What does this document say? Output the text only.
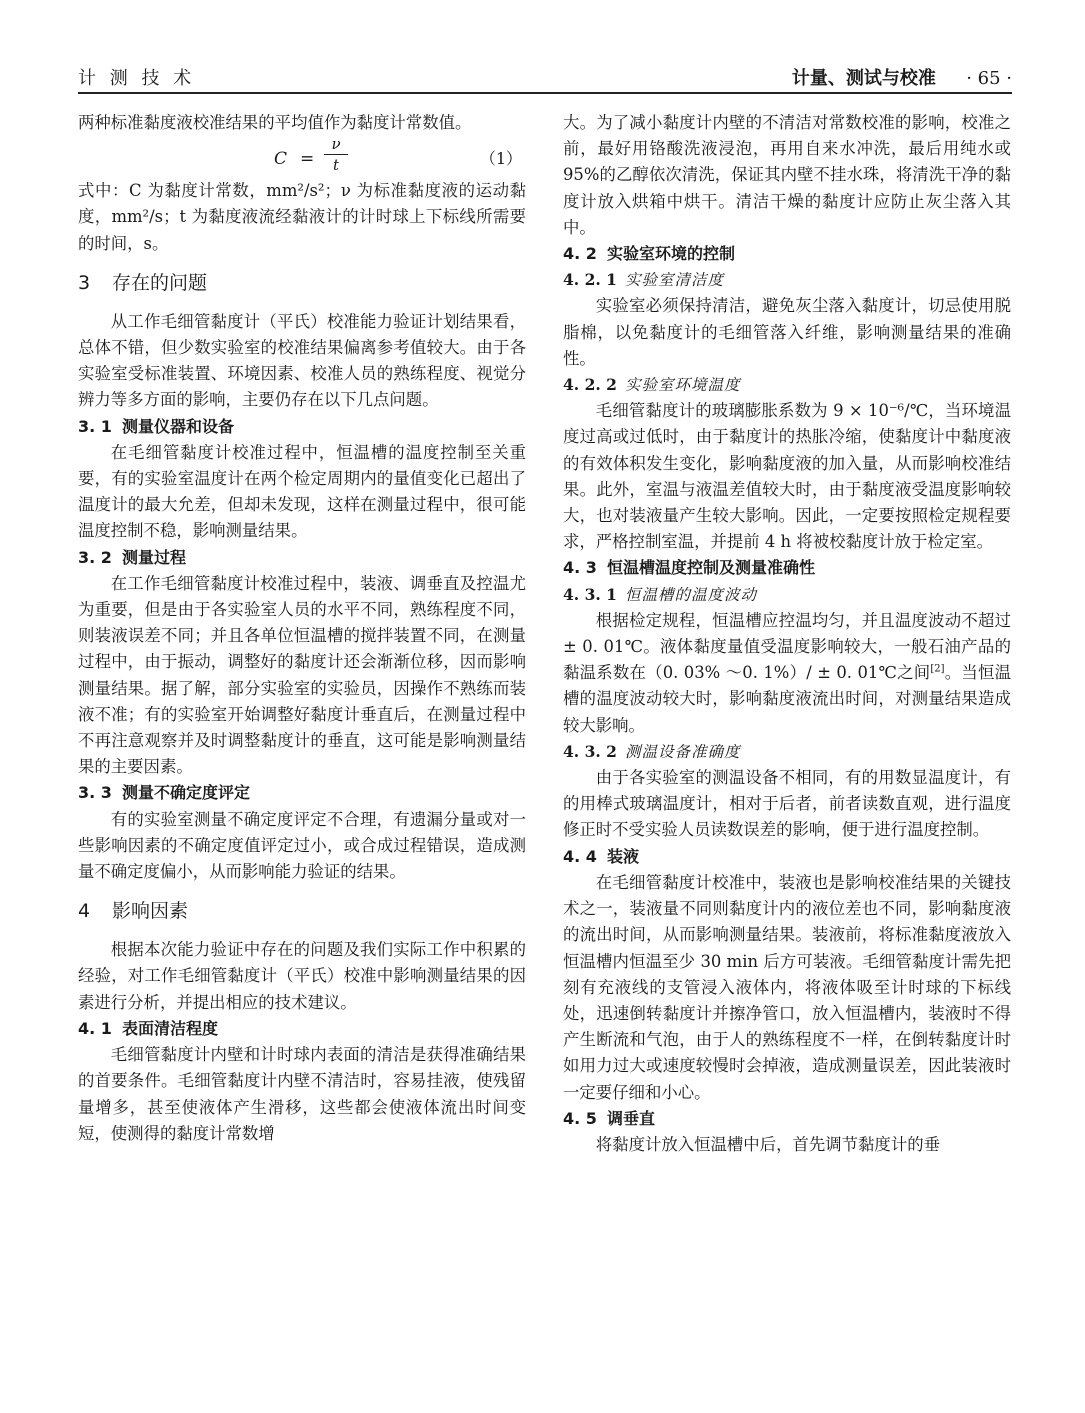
计 测 技 术	计量、测试与校准 · 65 ·

两种标准黏度液校准结果的平均值作为黏度计常数值。

$C = \frac{\nu}{t}$	（1）

式中：C 为黏度计常数，mm²/s²；ν 为标准黏度液的运动黏度，mm²/s；t 为黏度液流经黏液计的计时球上下标线所需要的时间，s。

3 存在的问题

从工作毛细管黏度计（平氏）校准能力验证计划结果看，总体不错，但少数实验室的校准结果偏离参考值较大。由于各实验室受标准装置、环境因素、校准人员的熟练程度、视觉分辨力等多方面的影响，主要仍存在以下几点问题。

3. 1 测量仪器和设备

在毛细管黏度计校准过程中，恒温槽的温度控制至关重要，有的实验室温度计在两个检定周期内的量值变化已超出了温度计的最大允差，但却未发现，这样在测量过程中，很可能温度控制不稳，影响测量结果。

3. 2 测量过程

在工作毛细管黏度计校准过程中，装液、调垂直及控温尤为重要，但是由于各实验室人员的水平不同，熟练程度不同，则装液误差不同；并且各单位恒温槽的搅拌装置不同，在测量过程中，由于振动，调整好的黏度计还会渐渐位移，因而影响测量结果。据了解，部分实验室的实验员，因操作不熟练而装液不准；有的实验室开始调整好黏度计垂直后，在测量过程中不再注意观察并及时调整黏度计的垂直，这可能是影响测量结果的主要因素。

3. 3 测量不确定度评定

有的实验室测量不确定度评定不合理，有遗漏分量或对一些影响因素的不确定度值评定过小，或合成过程错误，造成测量不确定度偏小，从而影响能力验证的结果。

4 影响因素

根据本次能力验证中存在的问题及我们实际工作中积累的经验，对工作毛细管黏度计（平氏）校准中影响测量结果的因素进行分析，并提出相应的技术建议。

4. 1 表面清洁程度

毛细管黏度计内壁和计时球内表面的清洁是获得准确结果的首要条件。毛细管黏度计内壁不清洁时，容易挂液，使残留量增多，甚至使液体产生滑移，这些都会使液体流出时间变短，使测得的黏度计常数增

大。为了减小黏度计内壁的不清洁对常数校准的影响，校准之前，最好用铬酸洗液浸泡，再用自来水冲洗，最后用纯水或95%的乙醇依次清洗，保证其内壁不挂水珠，将清洗干净的黏度计放入烘箱中烘干。清洁干燥的黏度计应防止灰尘落入其中。

4. 2 实验室环境的控制
4. 2. 1 实验室清洁度

实验室必须保持清洁，避免灰尘落入黏度计，切忌使用脱脂棉，以免黏度计的毛细管落入纤维，影响测量结果的准确性。

4. 2. 2 实验室环境温度

毛细管黏度计的玻璃膨胀系数为 9 × 10⁻⁶/℃，当环境温度过高或过低时，由于黏度计的热胀冷缩，使黏度计中黏度液的有效体积发生变化，影响黏度液的加入量，从而影响校准结果。此外，室温与液温差值较大时，由于黏度液受温度影响较大，也对装液量产生较大影响。因此，一定要按照检定规程要求，严格控制室温，并提前 4 h 将被校黏度计放于检定室。

4. 3 恒温槽温度控制及测量准确性
4. 3. 1 恒温槽的温度波动

根据检定规程，恒温槽应控温均匀，并且温度波动不超过 ± 0. 01℃。液体黏度量值受温度影响较大，一般石油产品的黏温系数在（0. 03% ～0. 1%）/ ± 0. 01℃之间[2]。当恒温槽的温度波动较大时，影响黏度液流出时间，对测量结果造成较大影响。

4. 3. 2 测温设备准确度

由于各实验室的测温设备不相同，有的用数显温度计，有的用棒式玻璃温度计，相对于后者，前者读数直观，进行温度修正时不受实验人员读数误差的影响，便于进行温度控制。

4. 4 装液

在毛细管黏度计校准中，装液也是影响校准结果的关键技术之一，装液量不同则黏度计内的液位差也不同，影响黏度液的流出时间，从而影响测量结果。装液前，将标准黏度液放入恒温槽内恒温至少 30 min 后方可装液。毛细管黏度计需先把刻有充液线的支管浸入液体内，将液体吸至计时球的下标线处，迅速倒转黏度计并擦净管口，放入恒温槽内，装液时不得产生断流和气泡，由于人的熟练程度不一样，在倒转黏度计时如用力过大或速度较慢时会掉液，造成测量误差，因此装液时一定要仔细和小心。

4. 5 调垂直

将黏度计放入恒温槽中后，首先调节黏度计的垂
